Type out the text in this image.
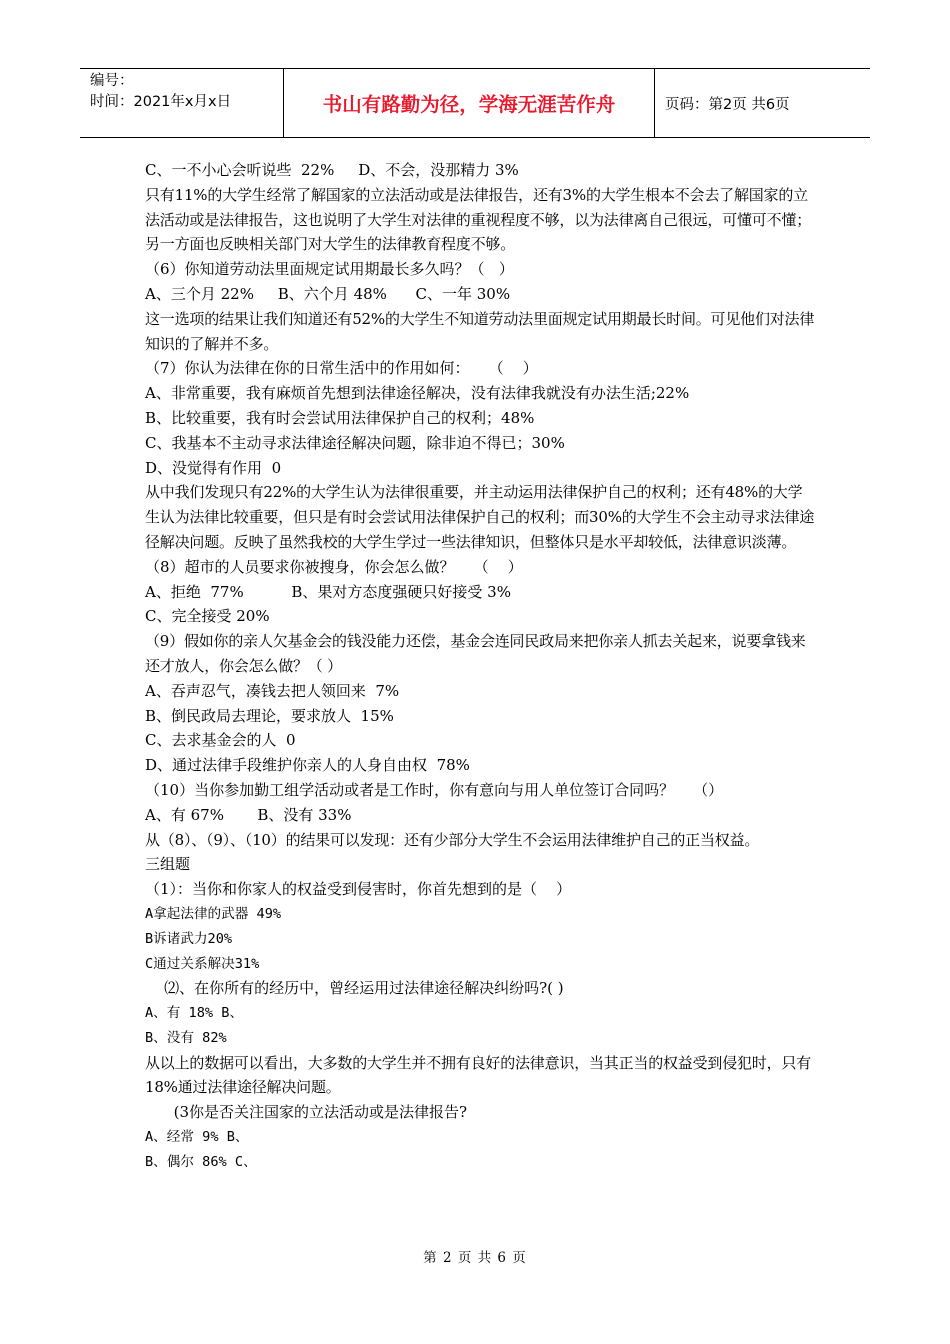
编号：
时间：2021年x月x日	书山有路勤为径，学海无涯苦作舟	页码：第2页 共6页
C、一不小心会听说些  22%     D、不会，没那精力 3%
只有11%的大学生经常了解国家的立法活动或是法律报告，还有3%的大学生根本不会去了解国家的立法活动或是法律报告，这也说明了大学生对法律的重视程度不够，以为法律离自己很远，可懂可不懂；另一方面也反映相关部门对大学生的法律教育程度不够。
（6）你知道劳动法里面规定试用期最长多久吗？（   ）
A、三个月 22%     B、六个月 48%      C、一年 30%
这一选项的结果让我们知道还有52%的大学生不知道劳动法里面规定试用期最长时间。可见他们对法律知识的了解并不多。
（7）你认为法律在你的日常生活中的作用如何：    （    ）
A、非常重要，我有麻烦首先想到法律途径解决，没有法律我就没有办法生活;22%
B、比较重要，我有时会尝试用法律保护自己的权利；48%
C、我基本不主动寻求法律途径解决问题，除非迫不得已；30%
D、没觉得有作用  0
从中我们发现只有22%的大学生认为法律很重要，并主动运用法律保护自己的权利；还有48%的大学生认为法律比较重要，但只是有时会尝试用法律保护自己的权利；而30%的大学生不会主动寻求法律途径解决问题。反映了虽然我校的大学生学过一些法律知识，但整体只是水平却较低，法律意识淡薄。
（8）超市的人员要求你被搜身，你会怎么做？    （    ）
A、拒绝  77%          B、果对方态度强硬只好接受 3%
C、完全接受 20%
（9）假如你的亲人欠基金会的钱没能力还偿，基金会连同民政局来把你亲人抓去关起来，说要拿钱来还才放人，你会怎么做？（ ）
A、吞声忍气，凑钱去把人领回来  7%
B、倒民政局去理论，要求放人  15%
C、去求基金会的人  0
D、通过法律手段维护你亲人的人身自由权  78%
（10）当你参加勤工组学活动或者是工作时，你有意向与用人单位签订合同吗？    （）
A、有 67%       B、没有 33%
从（8）、（9）、（10）的结果可以发现：还有少部分大学生不会运用法律维护自己的正当权益。
三组题
（1）：当你和你家人的权益受到侵害时，你首先想到的是（    ）
A拿起法律的武器 49%
B诉诸武力20%
C通过关系解决31%
⑵、在你所有的经历中，曾经运用过法律途径解决纠纷吗?( )
A、有 18% B、
B、没有 82%
从以上的数据可以看出，大多数的大学生并不拥有良好的法律意识，当其正当的权益受到侵犯时，只有18%通过法律途径解决问题。
(3你是否关注国家的立法活动或是法律报告?
A、经常 9% B、
B、偶尔 86% C、
第 2 页 共 6 页
